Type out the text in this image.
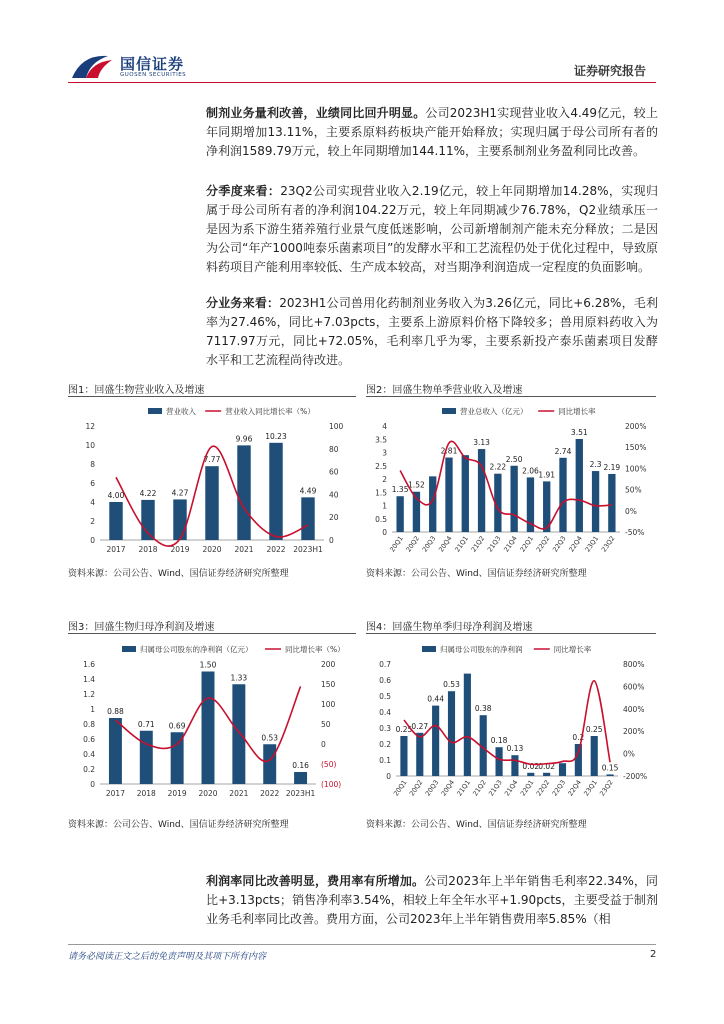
国信证券
GUOSEN SECURITIES	证券研究报告
制剂业务量利改善，业绩同比回升明显。公司2023H1实现营业收入4.49亿元，较上年同期增加13.11%，主要系原料药板块产能开始释放；实现归属于母公司所有者的净利润1589.79万元，较上年同期增加144.11%，主要系制剂业务盈利同比改善。
分季度来看：23Q2公司实现营业收入2.19亿元，较上年同期增加14.28%，实现归属于母公司所有者的净利润104.22万元，较上年同期减少76.78%，Q2业绩承压一是因为系下游生猪养殖行业景气度低迷影响，公司新增制剂产能未充分释放；二是因为公司“年产1000吨泰乐菌素项目”的发酵水平和工艺流程仍处于优化过程中，导致原料药项目产能利用率较低、生产成本较高，对当期净利润造成一定程度的负面影响。
分业务来看：2023H1公司兽用化药制剂业务收入为3.26亿元，同比+6.28%，毛利率为27.46%，同比+7.03pcts，主要系上游原料价格下降较多；兽用原料药收入为7117.97万元，同比+72.05%，毛利率几乎为零，主要系新投产泰乐菌素项目发酵水平和工艺流程尚待改进。
图1：回盛生物营业收入及增速	图2：回盛生物单季营业收入及增速
营业收入	营业收入同比增长率（%）
0
2
4
6
8
10
12
0
20
40
60
80
100
4.00
2017
4.22
2018
4.27
2019
7.77
2020
9.96
2021
10.23
2022
4.49
2023H1
营业总收入（亿元）	同比增长率
0
0.5
1
1.5
2
2.5
3
3.5
4
-50%
0%
50%
100%
150%
200%
1.35
20Q1
1.52
20Q2 20Q3
2.81
20Q4 21Q1
3.13
21Q2
2.22
21Q3
2.50
21Q4
2.06
22Q1
1.91
22Q2
2.74
22Q3
3.51
22Q4
2.3
23Q1
2.19
23Q2
资料来源：公司公告、Wind、国信证券经济研究所整理	资料来源：公司公告、Wind、国信证券经济研究所整理
图3：回盛生物归母净利润及增速	图4：回盛生物单季归母净利润及增速
归属母公司股东的净利润（亿元）	同比增长率（%）
0
0.2
0.4
0.6
0.8
1
1.2
1.4
1.6
(100)
(50)
0
50
100
150
200
0.88
2017
0.71
2018
0.69
2019
1.50
2020
1.33
2021
0.53
2022
0.16
2023H1
归属母公司股东的净利润	同比增长率
0
0.1
0.2
0.3
0.4
0.5
0.6
0.7
-200%
0%
200%
400%
600%
800%
0.25
20Q1
0.27
20Q2
0.44
20Q3
0.53
20Q4 21Q1
0.38
21Q2
0.18
21Q3
0.13
21Q4
0.02
22Q1
0.02
22Q2 22Q3
0.2
22Q4
0.25
23Q1
0.15
23Q2
资料来源：公司公告、Wind、国信证券经济研究所整理	资料来源：公司公告、Wind、国信证券经济研究所整理
利润率同比改善明显，费用率有所增加。公司2023年上半年销售毛利率22.34%，同比+3.13pcts；销售净利率3.54%，相较上年全年水平+1.90pcts，主要受益于制剂业务毛利率同比改善。费用方面，公司2023年上半年销售费用率5.85%（相
请务必阅读正文之后的免责声明及其项下所有内容	2
